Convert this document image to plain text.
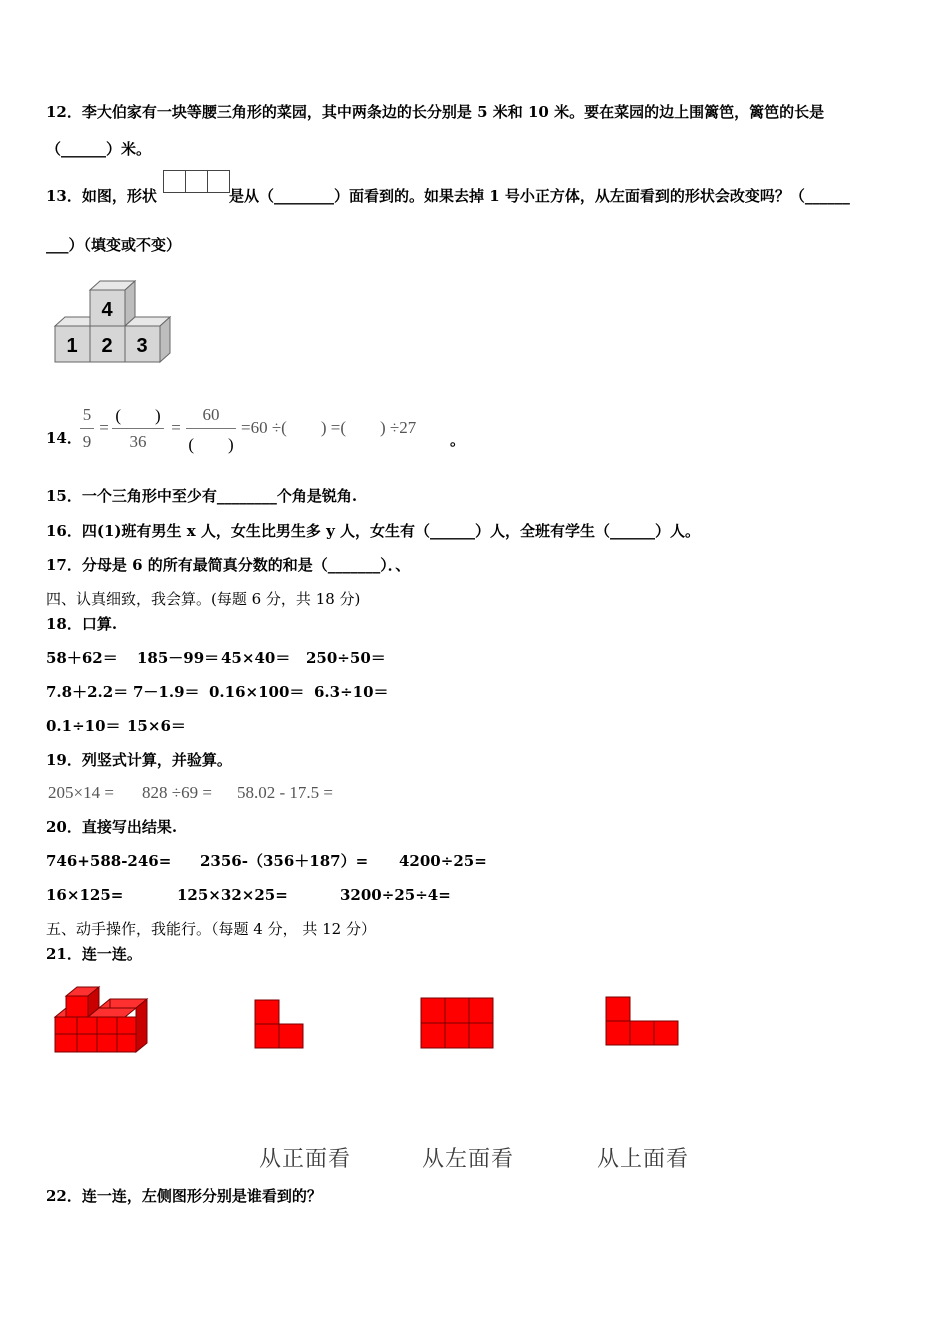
12．李大伯家有一块等腰三角形的菜园，其中两条边的长分别是 5 米和 10 米。要在菜园的边上围篱笆，篱笆的长是
（______）米。
13．如图，形状	是从（________）面看到的。如果去掉 1 号小正方体，从左面看到的形状会改变吗？（______
___）（填变或不变）
4
1 2 3
14．
5
9
=
(　　)
36
=
60
(　　)
=60 ÷(　　) =(　　) ÷27
。
15．一个三角形中至少有________个角是锐角.
16．四(1)班有男生 x 人，女生比男生多 y 人，女生有（______）人，全班有学生（______）人。
17．分母是 6 的所有最简真分数的和是（_______）．、
四、认真细致，我会算。(每题 6 分，共 18 分)
18．口算.
58＋62＝ 185－99＝ 45×40＝ 250÷50＝
7.8＋2.2＝ 7－1.9＝ 0.16×100＝ 6.3÷10＝
0.1÷10＝ 15×6＝
19．列竖式计算，并验算。
205×14 = 828 ÷69 = 58.02 - 17.5 =
20．直接写出结果.
746+588-246= 2356-（356＋187）= 4200÷25=
16×125=	125×32×25=	3200÷25÷4=
五、动手操作，我能行。（每题 4 分， 共 12 分）
21．连一连。
从正面看	从左面看	从上面看
22．连一连，左侧图形分别是谁看到的？
